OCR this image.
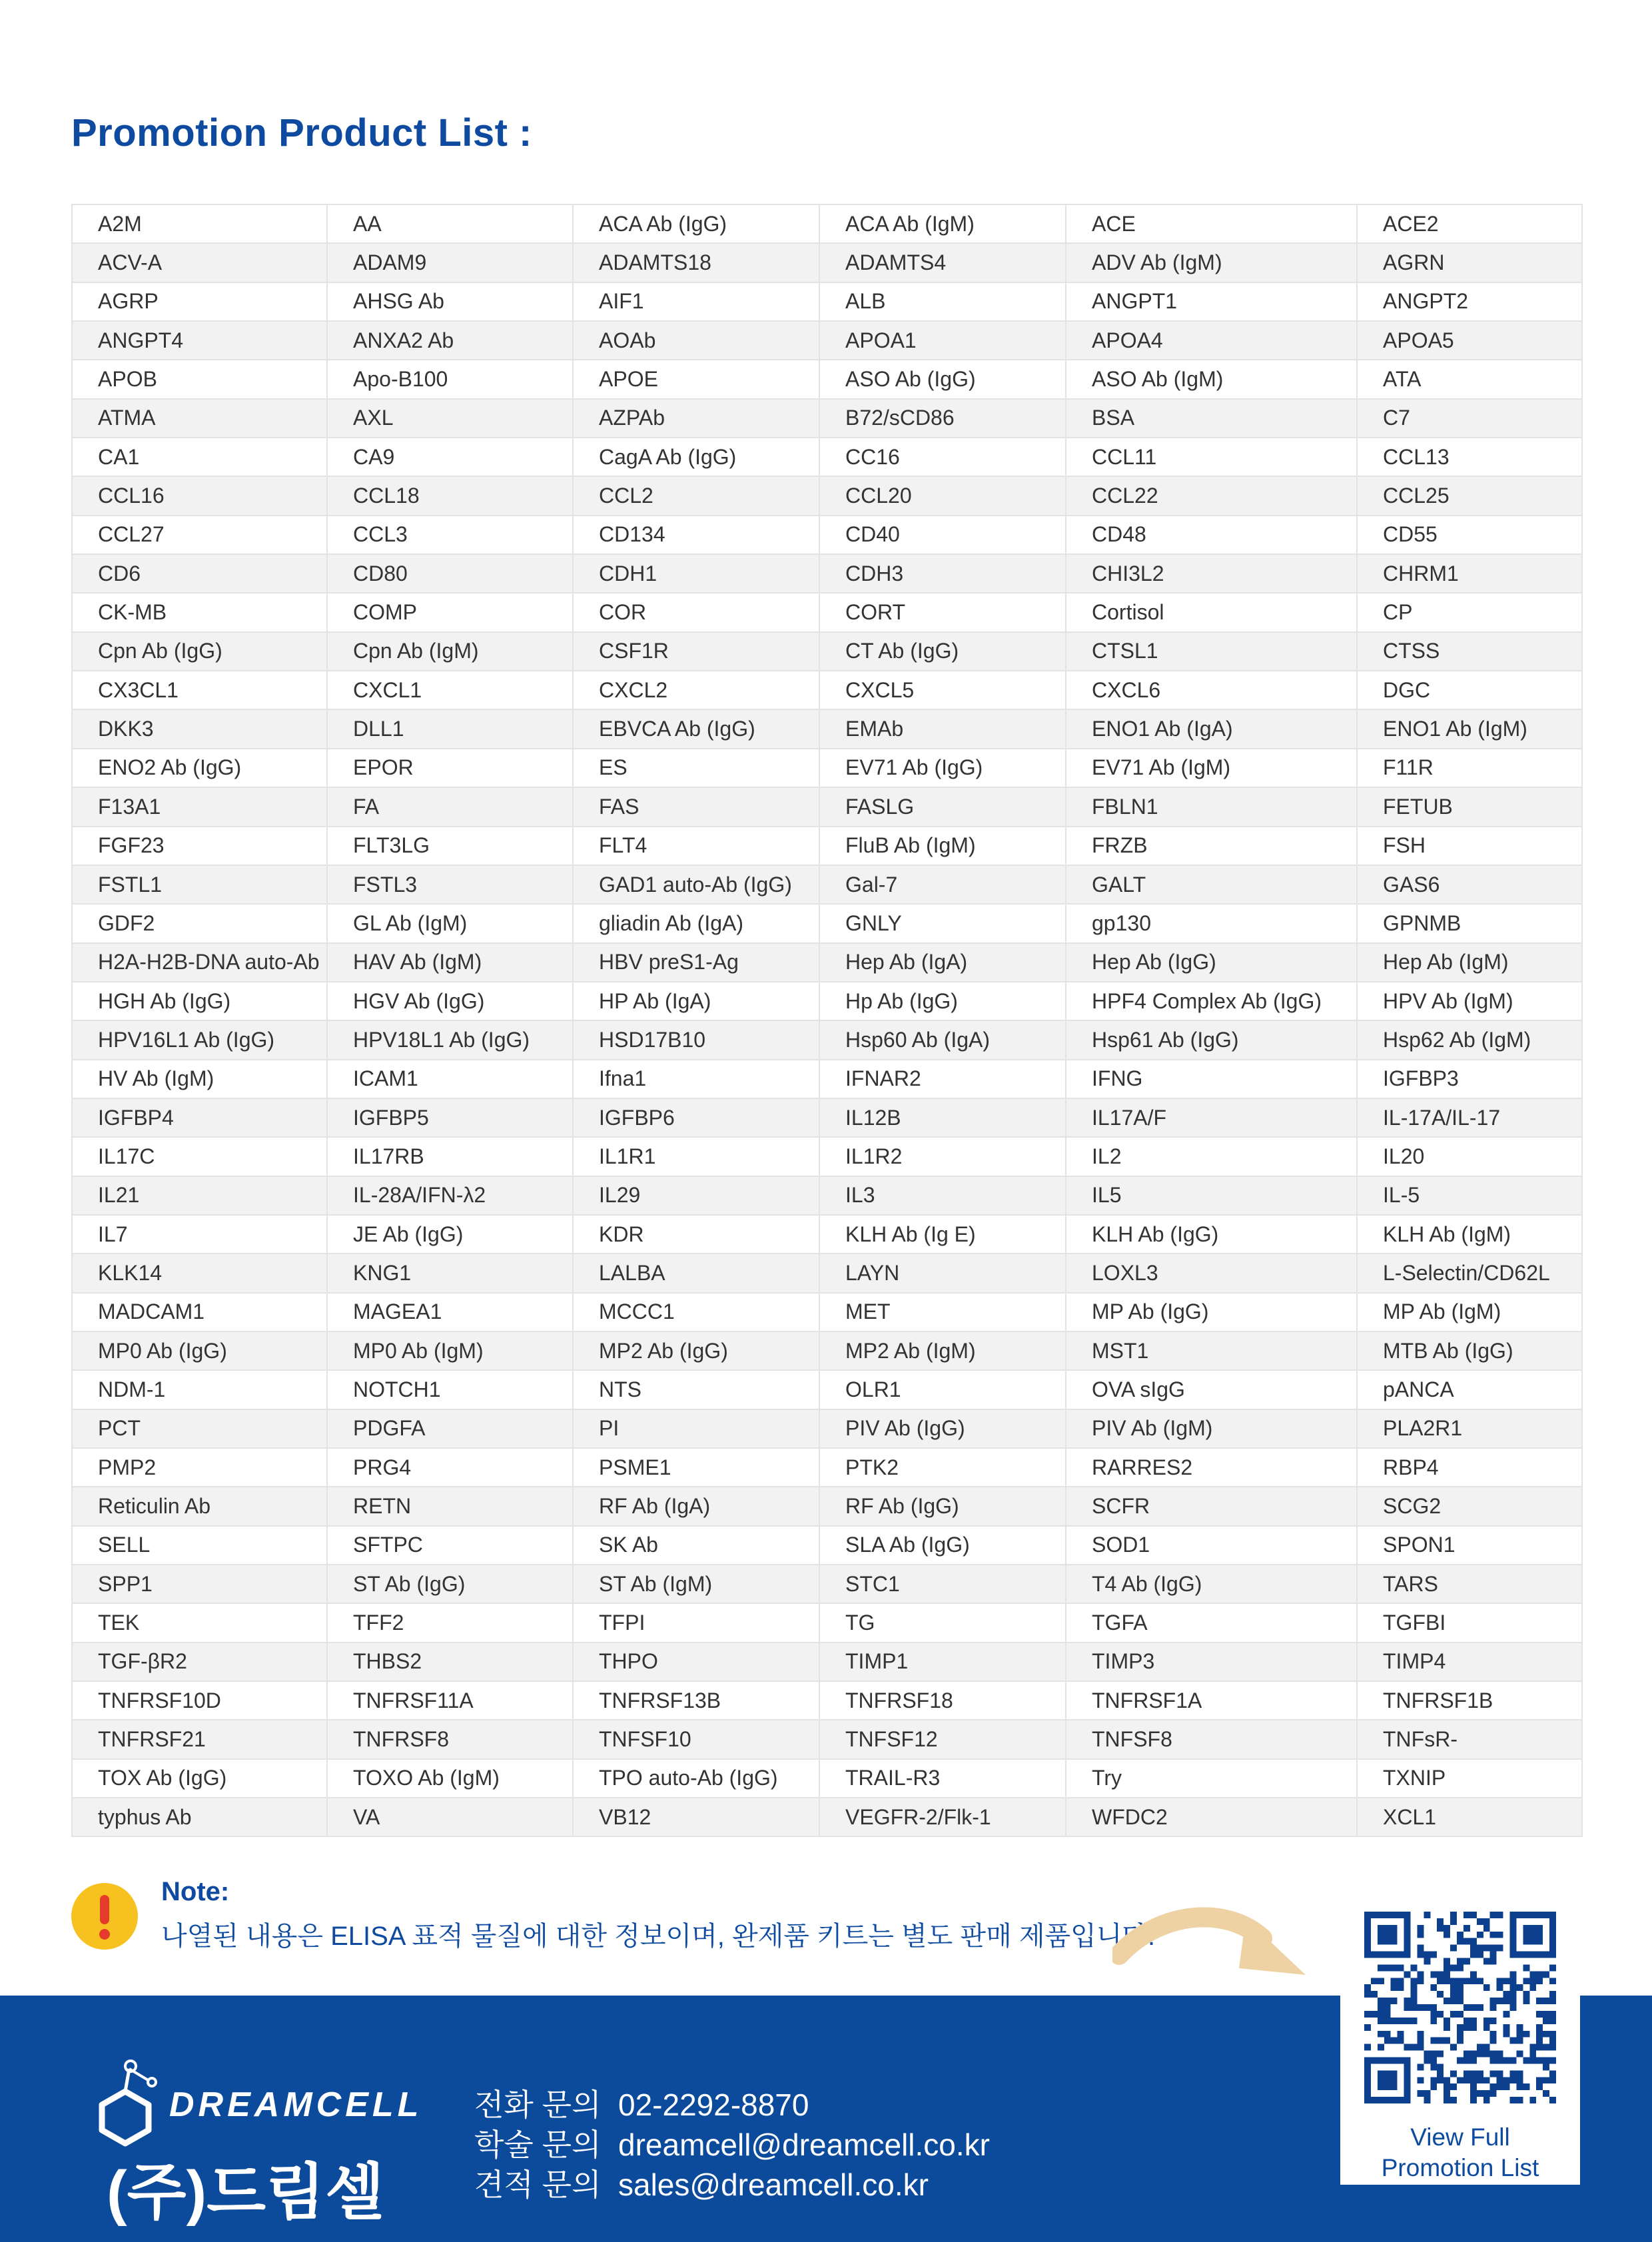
Promotion Product List :
A2M	AA	ACA Ab (IgG)	ACA Ab (IgM)	ACE	ACE2
ACV-A	ADAM9	ADAMTS18	ADAMTS4	ADV Ab (IgM)	AGRN
AGRP	AHSG Ab	AIF1	ALB	ANGPT1	ANGPT2
ANGPT4	ANXA2 Ab	AOAb	APOA1	APOA4	APOA5
APOB	Apo-B100	APOE	ASO Ab (IgG)	ASO Ab (IgM)	ATA
ATMA	AXL	AZPAb	B72/sCD86	BSA	C7
CA1	CA9	CagA Ab (IgG)	CC16	CCL11	CCL13
CCL16	CCL18	CCL2	CCL20	CCL22	CCL25
CCL27	CCL3	CD134	CD40	CD48	CD55
CD6	CD80	CDH1	CDH3	CHI3L2	CHRM1
CK-MB	COMP	COR	CORT	Cortisol	CP
Cpn Ab (IgG)	Cpn Ab (IgM)	CSF1R	CT Ab (IgG)	CTSL1	CTSS
CX3CL1	CXCL1	CXCL2	CXCL5	CXCL6	DGC
DKK3	DLL1	EBVCA Ab (IgG)	EMAb	ENO1 Ab (IgA)	ENO1 Ab (IgM)
ENO2 Ab (IgG)	EPOR	ES	EV71 Ab (IgG)	EV71 Ab (IgM)	F11R
F13A1	FA	FAS	FASLG	FBLN1	FETUB
FGF23	FLT3LG	FLT4	FluB Ab (IgM)	FRZB	FSH
FSTL1	FSTL3	GAD1 auto-Ab (IgG)	Gal-7	GALT	GAS6
GDF2	GL Ab (IgM)	gliadin Ab (IgA)	GNLY	gp130	GPNMB
H2A-H2B-DNA auto-Ab	HAV Ab (IgM)	HBV preS1-Ag	Hep Ab (IgA)	Hep Ab (IgG)	Hep Ab (IgM)
HGH Ab (IgG)	HGV Ab (IgG)	HP Ab (IgA)	Hp Ab (IgG)	HPF4 Complex Ab (IgG)	HPV Ab (IgM)
HPV16L1 Ab (IgG)	HPV18L1 Ab (IgG)	HSD17B10	Hsp60 Ab (IgA)	Hsp61 Ab (IgG)	Hsp62 Ab (IgM)
HV Ab (IgM)	ICAM1	Ifna1	IFNAR2	IFNG	IGFBP3
IGFBP4	IGFBP5	IGFBP6	IL12B	IL17A/F	IL-17A/IL-17
IL17C	IL17RB	IL1R1	IL1R2	IL2	IL20
IL21	IL-28A/IFN-λ2	IL29	IL3	IL5	IL-5
IL7	JE Ab (IgG)	KDR	KLH Ab (Ig E)	KLH Ab (IgG)	KLH Ab (IgM)
KLK14	KNG1	LALBA	LAYN	LOXL3	L-Selectin/CD62L
MADCAM1	MAGEA1	MCCC1	MET	MP Ab (IgG)	MP Ab (IgM)
MP0 Ab (IgG)	MP0 Ab (IgM)	MP2 Ab (IgG)	MP2 Ab (IgM)	MST1	MTB Ab (IgG)
NDM-1	NOTCH1	NTS	OLR1	OVA sIgG	pANCA
PCT	PDGFA	PI	PIV Ab (IgG)	PIV Ab (IgM)	PLA2R1
PMP2	PRG4	PSME1	PTK2	RARRES2	RBP4
Reticulin Ab	RETN	RF Ab (IgA)	RF Ab (IgG)	SCFR	SCG2
SELL	SFTPC	SK Ab	SLA Ab (IgG)	SOD1	SPON1
SPP1	ST Ab (IgG)	ST Ab (IgM)	STC1	T4 Ab (IgG)	TARS
TEK	TFF2	TFPI	TG	TGFA	TGFBI
TGF-βR2	THBS2	THPO	TIMP1	TIMP3	TIMP4
TNFRSF10D	TNFRSF11A	TNFRSF13B	TNFRSF18	TNFRSF1A	TNFRSF1B
TNFRSF21	TNFRSF8	TNFSF10	TNFSF12	TNFSF8	TNFsR-
TOX Ab (IgG)	TOXO Ab (IgM)	TPO auto-Ab (IgG)	TRAIL-R3	Try	TXNIP
typhus Ab	VA	VB12	VEGFR-2/Flk-1	WFDC2	XCL1
Note:
나열된 내용은 ELISA 표적 물질에 대한 정보이며, 완제품 키트는 별도 판매 제품입니다.
DREAMCELL
(주)드림셀
전화 문의 02-2292-8870
학술 문의 dreamcell@dreamcell.co.kr
견적 문의 sales@dreamcell.co.kr
View Full
Promotion List
